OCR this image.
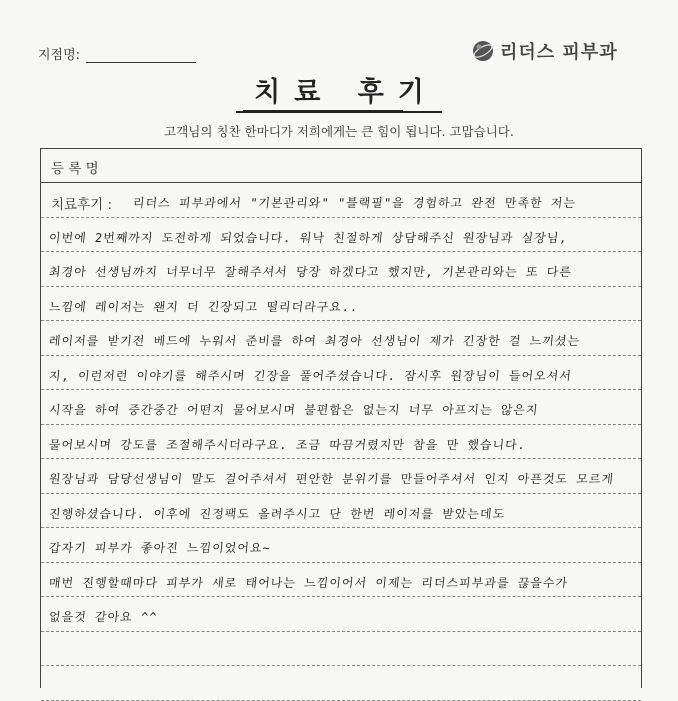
지점명:	리더스 피부과
치료 후기
고객님의 칭찬 한마디가 저희에게는 큰 힘이 됩니다. 고맙습니다.
등 록 명
치료후기 : 리더스 피부과에서 "기본관리와" "블랙필"을 경험하고 완전 만족한 저는
이번에 2번째까지 도전하게 되었습니다. 워낙 친절하게 상담해주신 원장님과 실장님,
최경아 선생님까지 너무너무 잘해주셔서 당장 하겠다고 했지만, 기본관리와는 또 다른
느낌에 레이저는 왠지 더 긴장되고 떨리더라구요..
레이저를 받기전 베드에 누워서 준비를 하여 최경아 선생님이 제가 긴장한 걸 느끼셨는
지, 이런저런 이야기를 해주시며 긴장을 풀어주셨습니다. 잠시후 원장님이 들어오셔서
시작을 하여 중간중간 어떤지 물어보시며 불편함은 없는지 너무 아프지는 않은지
물어보시며 강도를 조절해주시더라구요. 조금 따끔거렸지만 참을 만 했습니다.
원장님과 담당선생님이 말도 걸어주셔서 편안한 분위기를 만들어주셔서 인지 아픈것도 모르게
진행하셨습니다. 이후에 진정팩도 올려주시고 단 한번 레이저를 받았는데도
갑자기 피부가 좋아진 느낌이었어요~
매번 진행할때마다 피부가 새로 태어나는 느낌이어서 이제는 리더스피부과를 끊을수가
없을것 같아요 ^^
